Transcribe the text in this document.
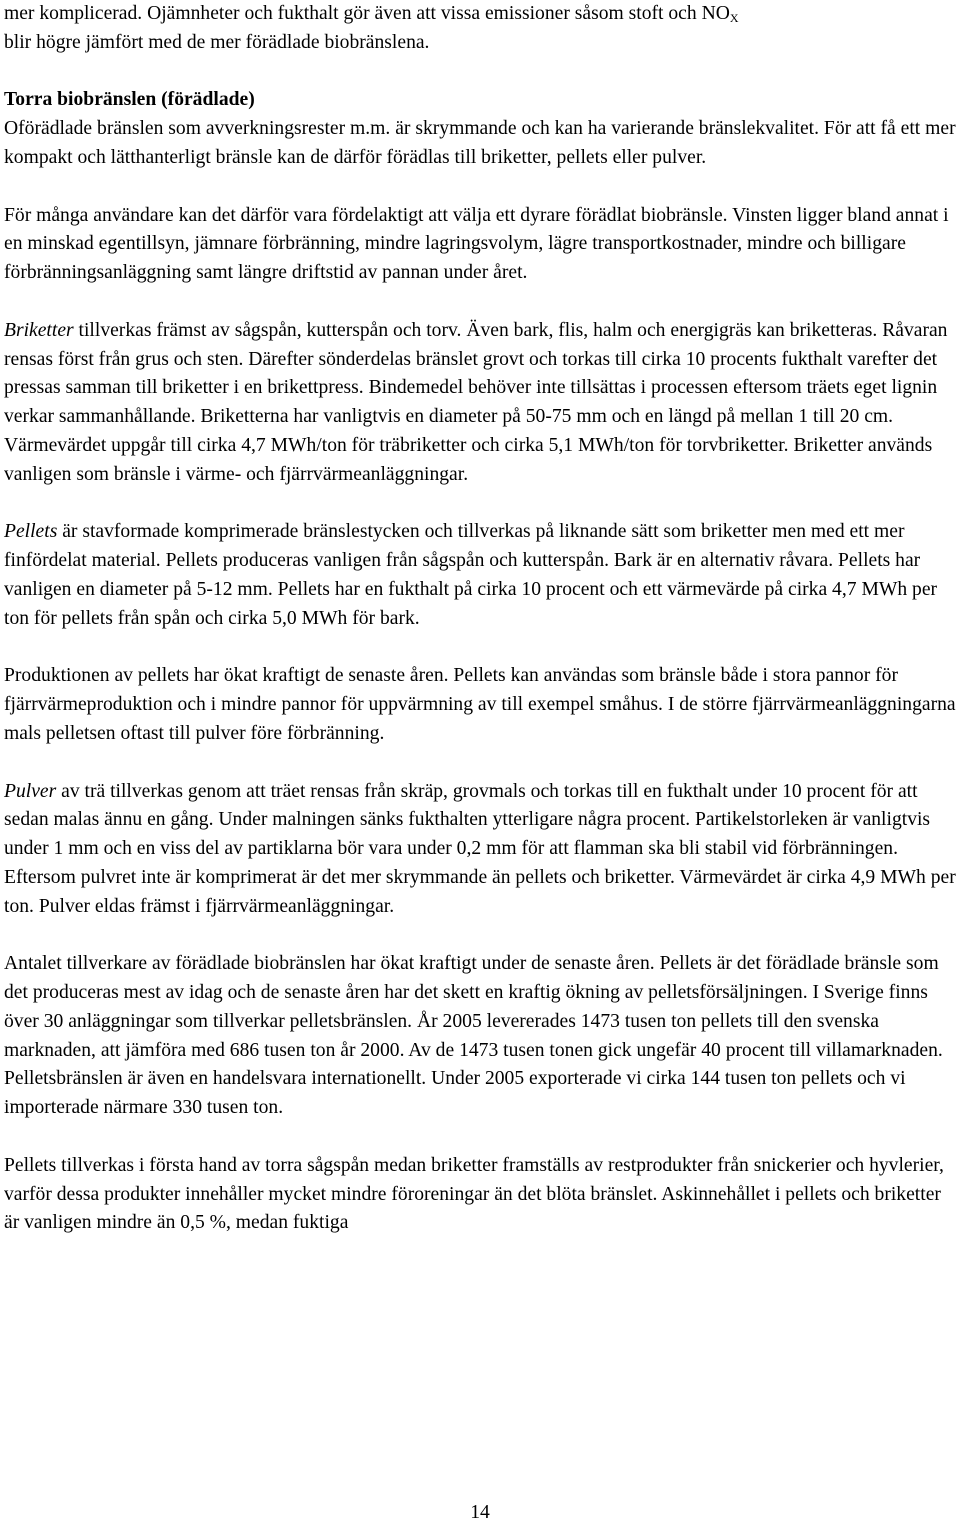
mer komplicerad. Ojämnheter och fukthalt gör även att vissa emissioner såsom stoft och $NO_X$
blir högre jämfört med de mer förädlade biobränslena.

Torra biobränslen (förädlade)

Oförädlade bränslen som avverkningsrester m.m. är skrymmande och kan ha varierande bränslekvalitet. För att få ett mer kompakt och lätthanterligt bränsle kan de därför förädlas till briketter, pellets eller pulver.

För många användare kan det därför vara fördelaktigt att välja ett dyrare förädlat biobränsle. Vinsten ligger bland annat i en minskad egentillsyn, jämnare förbränning, mindre lagringsvolym, lägre transportkostnader, mindre och billigare förbränningsanläggning samt längre driftstid av pannan under året.

Briketter tillverkas främst av sågspån, kutterspån och torv. Även bark, flis, halm och energigräs kan briketteras. Råvaran rensas först från grus och sten. Därefter sönderdelas bränslet grovt och torkas till cirka 10 procents fukthalt varefter det pressas samman till briketter i en brikettpress. Bindemedel behöver inte tillsättas i processen eftersom träets eget lignin verkar sammanhållande. Briketterna har vanligtvis en diameter på 50-75 mm och en längd på mellan 1 till 20 cm. Värmevärdet uppgår till cirka 4,7 MWh/ton för träbriketter och cirka 5,1 MWh/ton för torvbriketter. Briketter används vanligen som bränsle i värme- och fjärrvärmeanläggningar.

Pellets är stavformade komprimerade bränslestycken och tillverkas på liknande sätt som briketter men med ett mer finfördelat material. Pellets produceras vanligen från sågspån och kutterspån. Bark är en alternativ råvara. Pellets har vanligen en diameter på 5-12 mm. Pellets har en fukthalt på cirka 10 procent och ett värmevärde på cirka 4,7 MWh per ton för pellets från spån och cirka 5,0 MWh för bark.

Produktionen av pellets har ökat kraftigt de senaste åren. Pellets kan användas som bränsle både i stora pannor för fjärrvärmeproduktion och i mindre pannor för uppvärmning av till exempel småhus. I de större fjärrvärmeanläggningarna mals pelletsen oftast till pulver före förbränning.

Pulver av trä tillverkas genom att träet rensas från skräp, grovmals och torkas till en fukthalt under 10 procent för att sedan malas ännu en gång. Under malningen sänks fukthalten ytterligare några procent. Partikelstorleken är vanligtvis under 1 mm och en viss del av partiklarna bör vara under 0,2 mm för att flamman ska bli stabil vid förbränningen. Eftersom pulvret inte är komprimerat är det mer skrymmande än pellets och briketter. Värmevärdet är cirka 4,9 MWh per ton. Pulver eldas främst i fjärrvärmeanläggningar.

Antalet tillverkare av förädlade biobränslen har ökat kraftigt under de senaste åren. Pellets är det förädlade bränsle som det produceras mest av idag och de senaste åren har det skett en kraftig ökning av pelletsförsäljningen. I Sverige finns över 30 anläggningar som tillverkar pelletsbränslen. År 2005 levererades 1473 tusen ton pellets till den svenska marknaden, att jämföra med 686 tusen ton år 2000. Av de 1473 tusen tonen gick ungefär 40 procent till villamarknaden. Pelletsbränslen är även en handelsvara internationellt. Under 2005 exporterade vi cirka 144 tusen ton pellets och vi importerade närmare 330 tusen ton.

Pellets tillverkas i första hand av torra sågspån medan briketter framställs av restprodukter från snickerier och hyvlerier, varför dessa produkter innehåller mycket mindre föroreningar än det blöta bränslet. Askinnehållet i pellets och briketter är vanligen mindre än 0,5 %, medan fuktiga

14
